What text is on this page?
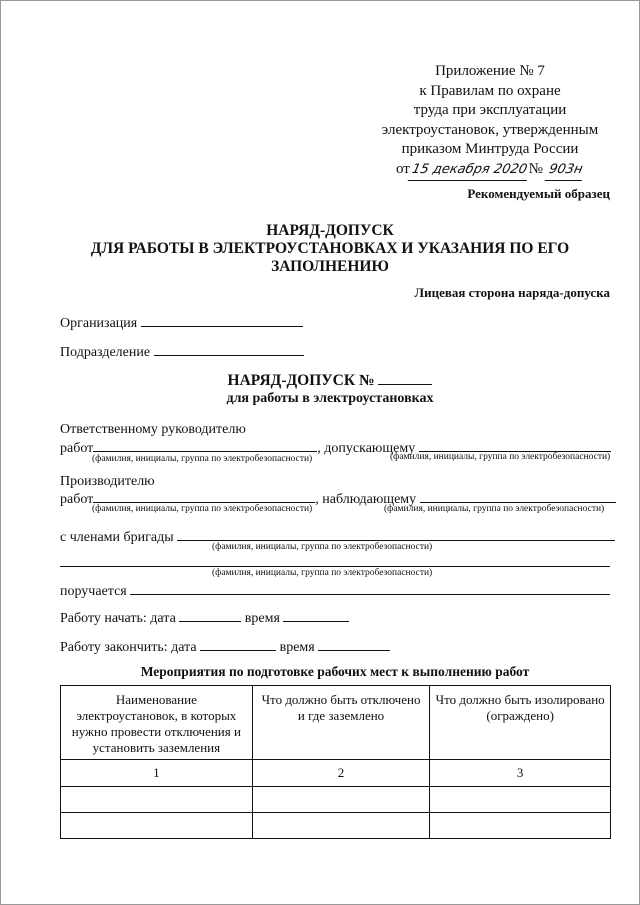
Приложение № 7
к Правилам по охране
труда при эксплуатации
электроустановок, утвержденным
приказом Минтруда России
от15 декабря 2020№ 903н
Рекомендуемый образец
НАРЯД-ДОПУСК
ДЛЯ РАБОТЫ В ЭЛЕКТРОУСТАНОВКАХ И УКАЗАНИЯ ПО ЕГО
ЗАПОЛНЕНИЮ
Лицевая сторона наряда-допуска
Организация
Подразделение
НАРЯД-ДОПУСК №
для работы в электроустановках
Ответственному руководителю
работ	, допускающему
(фамилия, инициалы, группа по электробезопасности)	(фамилия, инициалы, группа по электробезопасности)
Производителю
работ	, наблюдающему
(фамилия, инициалы, группа по электробезопасности)	(фамилия, инициалы, группа по электробезопасности)
с членами бригады
(фамилия, инициалы, группа по электробезопасности)
(фамилия, инициалы, группа по электробезопасности)
поручается
Работу начать: дата	время
Работу закончить: дата	время
Мероприятия по подготовке рабочих мест к выполнению работ
Наименование электроустановок, в которых нужно провести отключения и установить заземления	Что должно быть отключено и где заземлено	Что должно быть изолировано (ограждено)
1	2	3
